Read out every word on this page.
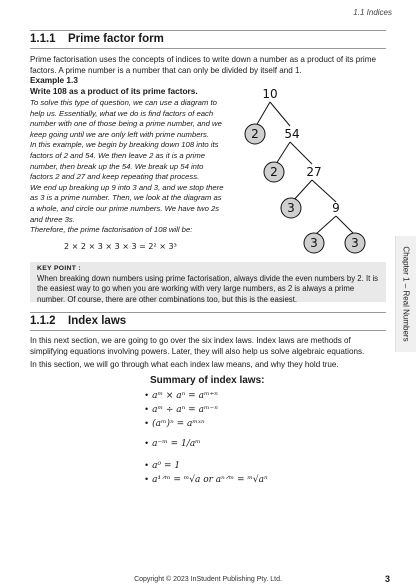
1.1 Indices
1.1.1 Prime factor form
Prime factorisation uses the concepts of indices to write down a number as a product of its prime factors. A prime number is a number that can only be divided by itself and 1.
Example 1.3
Write 108 as a product of its prime factors.

To solve this type of question, we can use a diagram to help us. Essentially, what we do is find factors of each number with one of those being a prime number, and we keep going until we are only left with prime numbers.

In this example, we begin by breaking down 108 into its factors of 2 and 54. We then leave 2 as it is a prime number, then break up the 54. We break up 54 into factors 2 and 27 and keep repeating that process.

We end up breaking up 9 into 3 and 3, and we stop there as 3 is a prime number. Then, we look at the diagram as a whole, and circle our prime numbers. We have two 2s and three 3s.

Therefore, the prime factorisation of 108 will be:

2 × 2 × 3 × 3 × 3 = 2² × 3³
10
2 54
2 27
3	9
3	3
KEY POINT :
When breaking down numbers using prime factorisation, always divide the even numbers by 2. It is the easiest way to go when you are working with very large numbers, as 2 is always a prime number. Of course, there are other combinations too, but this is the easiest.
1.1.2 Index laws
In this next section, we are going to go over the six index laws. Index laws are methods of simplifying equations involving powers. Later, they will also help us solve algebraic equations.
In this section, we will go through what each index law means, and why they hold true.
Summary of index laws:
• aᵐ × aⁿ = aᵐ⁺ⁿ
• aᵐ ÷ aⁿ = aᵐ⁻ⁿ
• (aᵐ)ⁿ = aᵐˣⁿ
• a⁻ᵐ = 1/aᵐ
• a⁰ = 1
• a¹ᐟᵐ = ᵐ√a or aⁿᐟᵐ = ᵐ√aⁿ
Chapter 1 – Real Numbers
Copyright © 2023 InStudent Publishing Pty. Ltd.	3
